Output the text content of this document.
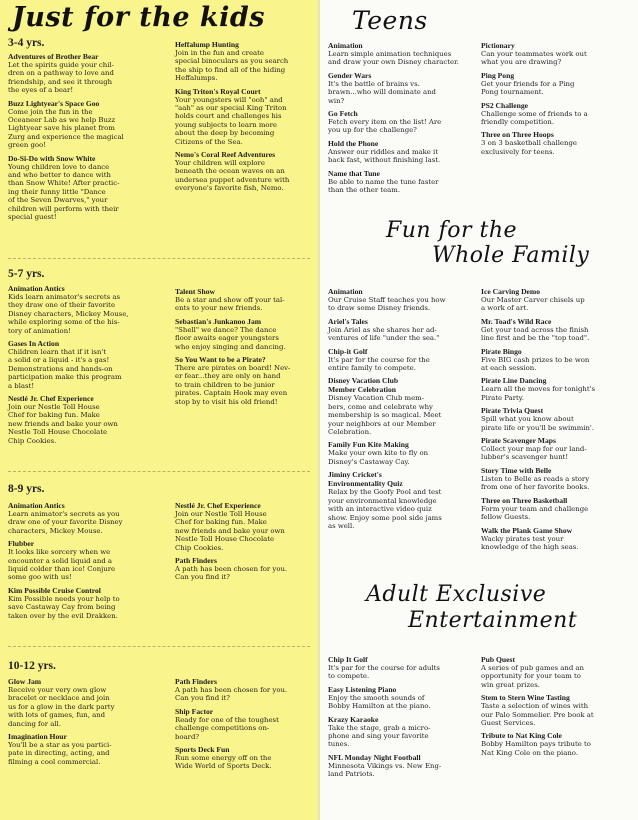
Just for the kids
3-4 yrs.
Adventures of Brother Bear
Let the spirits guide your chil-
dren on a pathway to love and
friendship, and see it through
the eyes of a bear!
Buzz Lightyear's Space Goo
Come join the fun in the
Oceaneer Lab as we help Buzz
Lightyear save his planet from
Zurg and experience the magical
green goo!
Do-Si-Do with Snow White
Young children love to dance
and who better to dance with
than Snow White! After practic-
ing their funny little "Dance
of the Seven Dwarves," your
children will perform with their
special guest!
Heffalump Hunting
Join in the fun and create
special binoculars as you search
the ship to find all of the hiding
Heffalumps.
King Triton's Royal Court
Your youngsters will "ooh" and
"aah" as our special King Triton
holds court and challenges his
young subjects to learn more
about the deep by becoming
Citizens of the Sea.
Nemo's Coral Reef Adventures
Your children will explore
beneath the ocean waves on an
undersea puppet adventure with
everyone's favorite fish, Nemo.
5-7 yrs.
Animation Antics
Kids learn animator's secrets as
they draw one of their favorite
Disney characters, Mickey Mouse,
while exploring some of the his-
tory of animation!
Gases In Action
Children learn that if it isn't
a solid or a liquid - it's a gas!
Demonstrations and hands-on
participation make this program
a blast!
Nestlé Jr. Chef Experience
Join our Nestle Toll House
Chef for baking fun. Make
new friends and bake your own
Nestle Toll House Chocolate
Chip Cookies.
Talent Show
Be a star and show off your tal-
ents to your new friends.
Sebastian's Junkanoo Jam
"Shell" we dance? The dance
floor awaits eager youngsters
who enjoy singing and dancing.
So You Want to be a Pirate?
There are pirates on board! Nev-
er fear...they are only on hand
to train children to be junior
pirates. Captain Hook may even
stop by to visit his old friend!
8-9 yrs.
Animation Antics
Learn animator's secrets as you
draw one of your favorite Disney
characters, Mickey Mouse.
Flubber
It looks like sorcery when we
encounter a solid liquid and a
liquid colder than ice! Conjure
some goo with us!
Kim Possible Cruise Control
Kim Possible needs your help to
save Castaway Cay from being
taken over by the evil Drakken.
Nestlé Jr. Chef Experience
Join our Nestle Toll House
Chef for baking fun. Make
new friends and bake your own
Nestle Toll House Chocolate
Chip Cookies.
Path Finders
A path has been chosen for you.
Can you find it?
10-12 yrs.
Glow Jam
Receive your very own glow
bracelet or necklace and join
us for a glow in the dark party
with lots of games, fun, and
dancing for all.
Imagination Hour
You'll be a star as you partici-
pate in directing, acting, and
filming a cool commercial.
Path Finders
A path has been chosen for you.
Can you find it?
Ship Factor
Ready for one of the toughest
challenge competitions on-
board?
Sports Deck Fun
Run some energy off on the
Wide World of Sports Deck.
Teens
Animation
Learn simple animation techniques
and draw your own Disney character.
Gender Wars
It's the battle of brains vs.
brawn...who will dominate and
win?
Go Fetch
Fetch every item on the list! Are
you up for the challenge?
Hold the Phone
Answer our riddles and make it
back fast, without finishing last.
Name that Tune
Be able to name the tune faster
than the other team.
Pictionary
Can your teammates work out
what you are drawing?
Ping Pong
Get your friends for a Ping
Pong tournament.
PS2 Challenge
Challenge some of friends to a
friendly competition.
Three on Three Hoops
3 on 3 basketball challenge
exclusively for teens.
Fun for the
Whole Family
Animation
Our Cruise Staff teaches you how
to draw some Disney friends.
Ariel's Tales
Join Ariel as she shares her ad-
ventures of life "under the sea."
Chip-it Golf
It's par for the course for the
entire family to compete.
Disney Vacation Club
Member Celebration
Disney Vacation Club mem-
bers, come and celebrate why
membership is so magical. Meet
your neighbors at our Member
Celebration.
Family Fun Kite Making
Make your own kite to fly on
Disney's Castaway Cay.
Jiminy Cricket's
Environmentality Quiz
Relax by the Goofy Pool and test
your environmental knowledge
with an interactive video quiz
show. Enjoy some pool side jams
as well.
Ice Carving Demo
Our Master Carver chisels up
a work of art.
Mr. Toad's Wild Race
Get your toad across the finish
line first and be the "top toad".
Pirate Bingo
Five BIG cash prizes to be won
at each session.
Pirate Line Dancing
Learn all the moves for tonight's
Pirate Party.
Pirate Trivia Quest
Spill what you know about
pirate life or you'll be swimmin'.
Pirate Scavenger Maps
Collect your map for our land-
lubber's scavenger hunt!
Story Time with Belle
Listen to Belle as reads a story
from one of her favorite books.
Three on Three Basketball
Form your team and challenge
fellow Guests.
Walk the Plank Game Show
Wacky pirates test your
knowledge of the high seas.
Adult Exclusive
Entertainment
Chip It Golf
It's par for the course for adults
to compete.
Easy Listening Piano
Enjoy the smooth sounds of
Bobby Hamilton at the piano.
Krazy Karaoke
Take the stage, grab a micro-
phone and sing your favorite
tunes.
NFL Monday Night Football
Minnesota Vikings vs. New Eng-
land Patriots.
Pub Quest
A series of pub games and an
opportunity for your team to
win great prizes.
Stem to Stern Wine Tasting
Taste a selection of wines with
our Palo Sommelier. Pre book at
Guest Services.
Tribute to Nat King Cole
Bobby Hamilton pays tribute to
Nat King Cole on the piano.
